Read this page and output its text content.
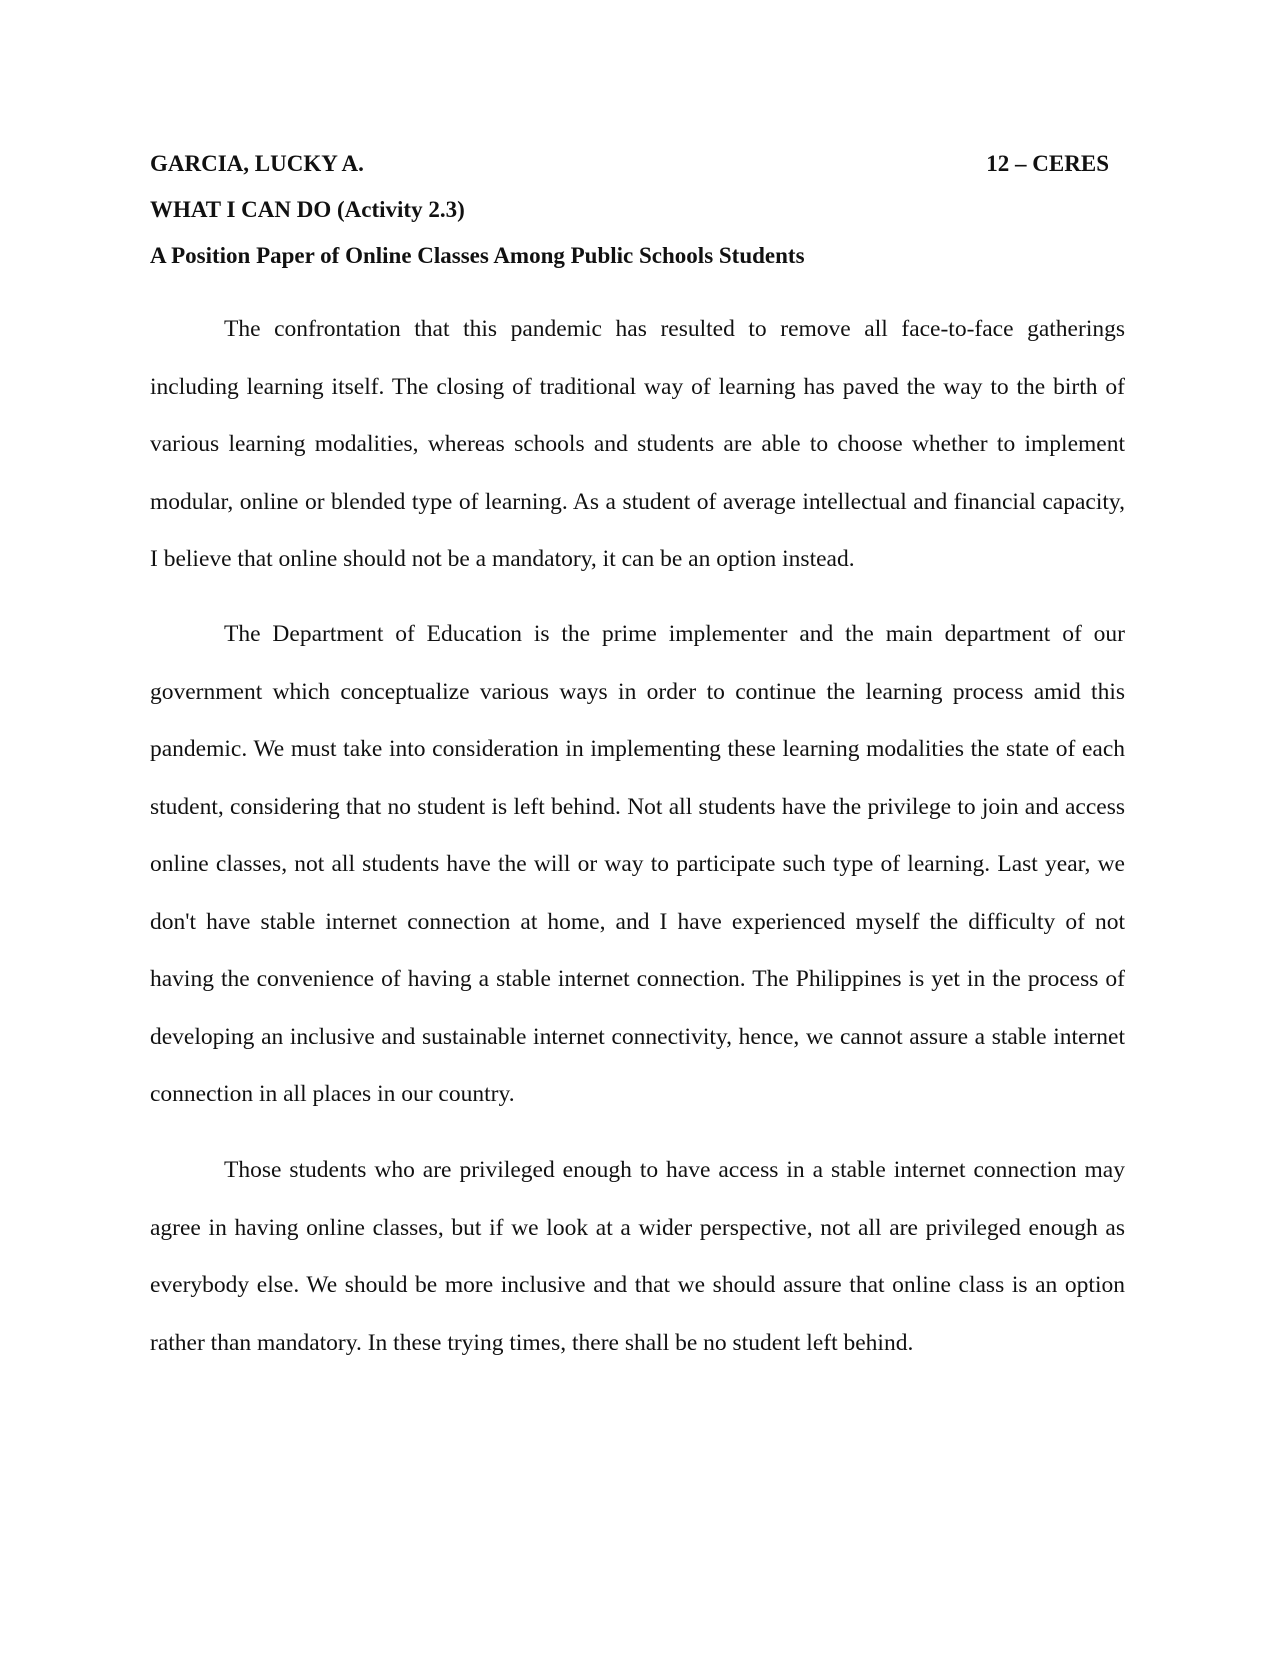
GARCIA, LUCKY A.	12 – CERES
WHAT I CAN DO (Activity 2.3)
A Position Paper of Online Classes Among Public Schools Students

The confrontation that this pandemic has resulted to remove all face-to-face gatherings including learning itself. The closing of traditional way of learning has paved the way to the birth of various learning modalities, whereas schools and students are able to choose whether to implement modular, online or blended type of learning. As a student of average intellectual and financial capacity, I believe that online should not be a mandatory, it can be an option instead.

The Department of Education is the prime implementer and the main department of our government which conceptualize various ways in order to continue the learning process amid this pandemic. We must take into consideration in implementing these learning modalities the state of each student, considering that no student is left behind. Not all students have the privilege to join and access online classes, not all students have the will or way to participate such type of learning. Last year, we don't have stable internet connection at home, and I have experienced myself the difficulty of not having the convenience of having a stable internet connection. The Philippines is yet in the process of developing an inclusive and sustainable internet connectivity, hence, we cannot assure a stable internet connection in all places in our country.

Those students who are privileged enough to have access in a stable internet connection may agree in having online classes, but if we look at a wider perspective, not all are privileged enough as everybody else. We should be more inclusive and that we should assure that online class is an option rather than mandatory. In these trying times, there shall be no student left behind.
